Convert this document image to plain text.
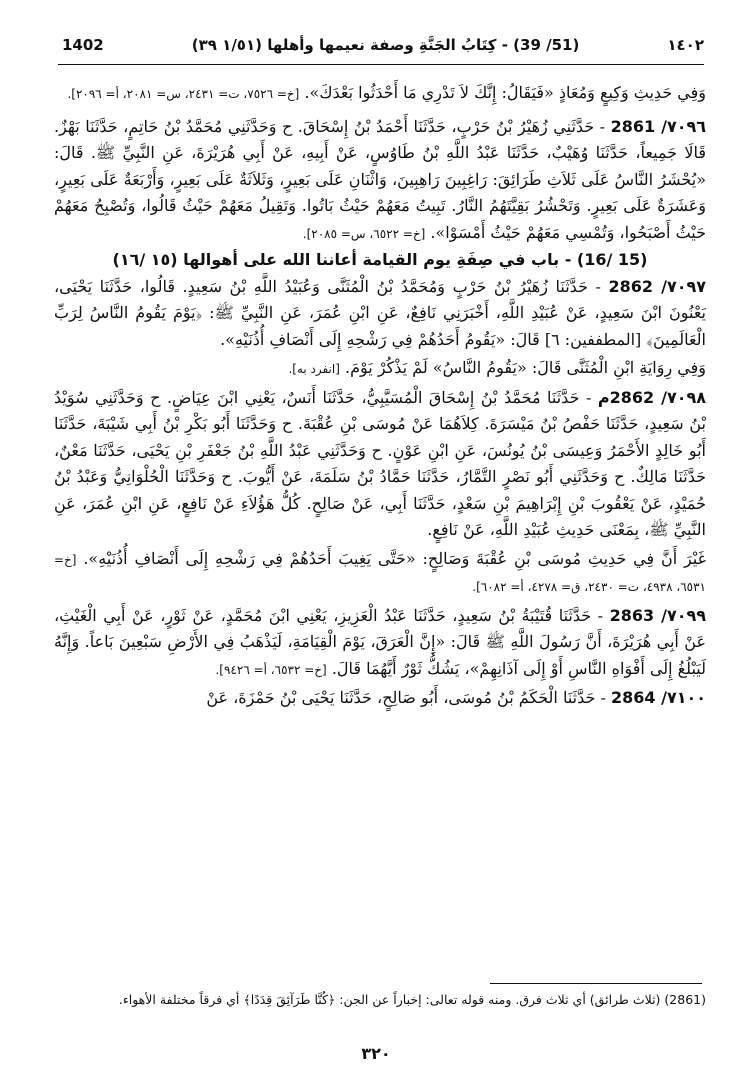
1402	(51/ 39) - كِتَابُ الجَنَّةِ وصفة نعيمها وأهلها (١/٥١ ٣٩)	١٤٠٢

وَفِي حَدِيثِ وَكِيعٍ وَمُعَاذٍ «فَيَقَالُ: إِنَّكَ لاَ تَدْرِي مَا أَحْدَثُوا بَعْدَكَ». [خ= ٧٥٢٦، ت= ٢٤٣١، س= ٢٠٨١، أ= ٢٠٩٦].

٧٠٩٦/ 2861 - حَدَّثَنِي زُهَيْرُ بْنُ حَرْبٍ، حَدَّثَنَا أَحْمَدُ بْنُ إِسْحَاقَ. ح وَحَدَّثَنِي مُحَمَّدُ بْنُ حَاتِمٍ، حَدَّثَنَا بَهْزٌ. قَالَا جَمِيعاً، حَدَّثَنَا وُهَيْبٌ، حَدَّثَنَا عَبْدُ اللَّهِ بْنُ طَاوُسٍ، عَنْ أَبِيهِ، عَنْ أَبِي هُرَيْرَةَ، عَنِ النَّبِيِّ ﷺ. قَالَ: «يُحْشَرُ النَّاسُ عَلَى ثَلاَثِ طَرَائِقَ: رَاغِبِينَ رَاهِبِينَ، وَاثْنَانِ عَلَى بَعِيرٍ، وَثَلاَثَةٌ عَلَى بَعِيرٍ، وَأَرْبَعَةٌ عَلَى بَعِيرٍ، وَعَشَرَةٌ عَلَى بَعِيرٍ. وَتَحْشُرُ بَقِيَّتَهُمُ النَّارُ. تَبِيتُ مَعَهُمْ حَيْثُ بَاتُوا. وَتَقِيلُ مَعَهُمْ حَيْثُ قَالُوا، وَتُصْبِحُ مَعَهُمْ حَيْثُ أَصْبَحُوا، وَتُمْسِي مَعَهُمْ حَيْثُ أَمْسَوْا». [خ= ٦٥٢٢، س= ٢٠٨٥].

(15 /16) - باب في صِفَةِ يوم القيامة أعاننا الله على أهوالها (١٥ /١٦)

٧٠٩٧/ 2862 - حَدَّثَنَا زُهَيْرُ بْنُ حَرْبٍ وَمُحَمَّدُ بْنُ الْمُثَنَّى وَعُبَيْدُ اللَّهِ بْنُ سَعِيدٍ. قَالُوا، حَدَّثَنَا يَحْيَى، يَعْنُونَ ابْنَ سَعِيدٍ، عَنْ عُبَيْدِ اللَّهِ، أَخْبَرَنِي نَافِعٌ، عَنِ ابْنِ عُمَرَ، عَنِ النَّبِيِّ ﷺ: ﴿يَوْمَ يَقُومُ النَّاسُ لِرَبِّ الْعَالَمِينَ﴾ [المطففين: ٦] قَالَ: «يَقُومُ أَحَدُهُمْ فِي رَشْحِهِ إِلَى أَنْصَافِ أُذُنَيْهِ».

وَفِي رِوَايَةِ ابْنِ الْمُثَنَّى قَالَ: «يَقُومُ النَّاسُ» لَمْ يَذْكُرْ يَوْمَ. [انفرد به].

٧٠٩٨/ 2862م - حَدَّثَنَا مُحَمَّدُ بْنُ إِسْحَاقَ الْمُسَيَّبِيُّ، حَدَّثَنَا أَنَسٌ، يَعْنِي ابْنَ عِيَاضٍ. ح وَحَدَّثَنِي سُوَيْدُ بْنُ سَعِيدٍ، حَدَّثَنَا حَفْصُ بْنُ مَيْسَرَةَ. كِلاَهُمَا عَنْ مُوسَى بْنِ عُقْبَةَ. ح وَحَدَّثَنَا أَبُو بَكْرِ بْنُ أَبِي شَيْبَةَ، حَدَّثَنَا أَبُو خَالِدٍ الأَحْمَرُ وَعِيسَى بْنُ يُونُسَ، عَنِ ابْنِ عَوْنٍ. ح وَحَدَّثَنِي عَبْدُ اللَّهِ بْنُ جَعْفَرِ بْنِ يَحْيَى، حَدَّثَنَا مَعْنٌ، حَدَّثَنَا مَالِكٌ. ح وَحَدَّثَنِي أَبُو نَصْرٍ التَّمَّارُ، حَدَّثَنَا حَمَّادُ بْنُ سَلَمَةَ، عَنْ أَيُّوبَ. ح وَحَدَّثَنَا الْحُلْوَانِيُّ وَعَبْدُ بْنُ حُمَيْدٍ، عَنْ يَعْقُوبَ بْنِ إِبْرَاهِيمَ بْنِ سَعْدٍ، حَدَّثَنَا أَبِي، عَنْ صَالِحٍ. كُلُّ هَؤُلاَءِ عَنْ نَافِعٍ، عَنِ ابْنِ عُمَرَ، عَنِ النَّبِيِّ ﷺ، بِمَعْنَى حَدِيثِ عُبَيْدِ اللَّهِ، عَنْ نَافِعٍ.

غَيْرَ أَنَّ فِي حَدِيثِ مُوسَى بْنِ عُقْبَةَ وَصَالِحٍ: «حَتَّى يَغِيبَ أَحَدُهُمْ فِي رَشْحِهِ إِلَى أَنْصَافِ أُذُنَيْهِ». [خ= ٦٥٣١، ٤٩٣٨، ت= ٢٤٣٠، ق= ٤٢٧٨، أ= ٦٠٨٢].

٧٠٩٩/ 2863 - حَدَّثَنَا قُتَيْبَةُ بْنُ سَعِيدٍ، حَدَّثَنَا عَبْدُ الْعَزِيزِ، يَعْنِي ابْنَ مُحَمَّدٍ، عَنْ ثَوْرٍ، عَنْ أَبِي الْغَيْثِ، عَنْ أَبِي هُرَيْرَةَ، أَنَّ رَسُولَ اللَّهِ ﷺ قَالَ: «إِنَّ الْعَرَقَ، يَوْمَ الْقِيَامَةِ، لَيَذْهَبُ فِي الأَرْضِ سَبْعِينَ بَاعاً. وَإِنَّهُ لَيَبْلُغُ إِلَى أَفْوَاهِ النَّاسِ أَوْ إِلَى آذَانِهِمْ»، يَشُكُّ ثَوْرٌ أَيَّهُمَا قَالَ. [خ= ٦٥٣٢، أ= ٩٤٢٦].

٧١٠٠/ 2864 - حَدَّثَنَا الْحَكَمُ بْنُ مُوسَى، أَبُو صَالِحٍ، حَدَّثَنَا يَحْيَى بْنُ حَمْزَةَ، عَنْ

(2861) (ثلاث طرائق) أي ثلاث فرق. ومنه قوله تعالى: إخباراً عن الجن: ﴿كُنَّا طَرَآئِقَ قِدَدًا﴾ أي فرقاً مختلفة الأهواء.
٣٢٠
